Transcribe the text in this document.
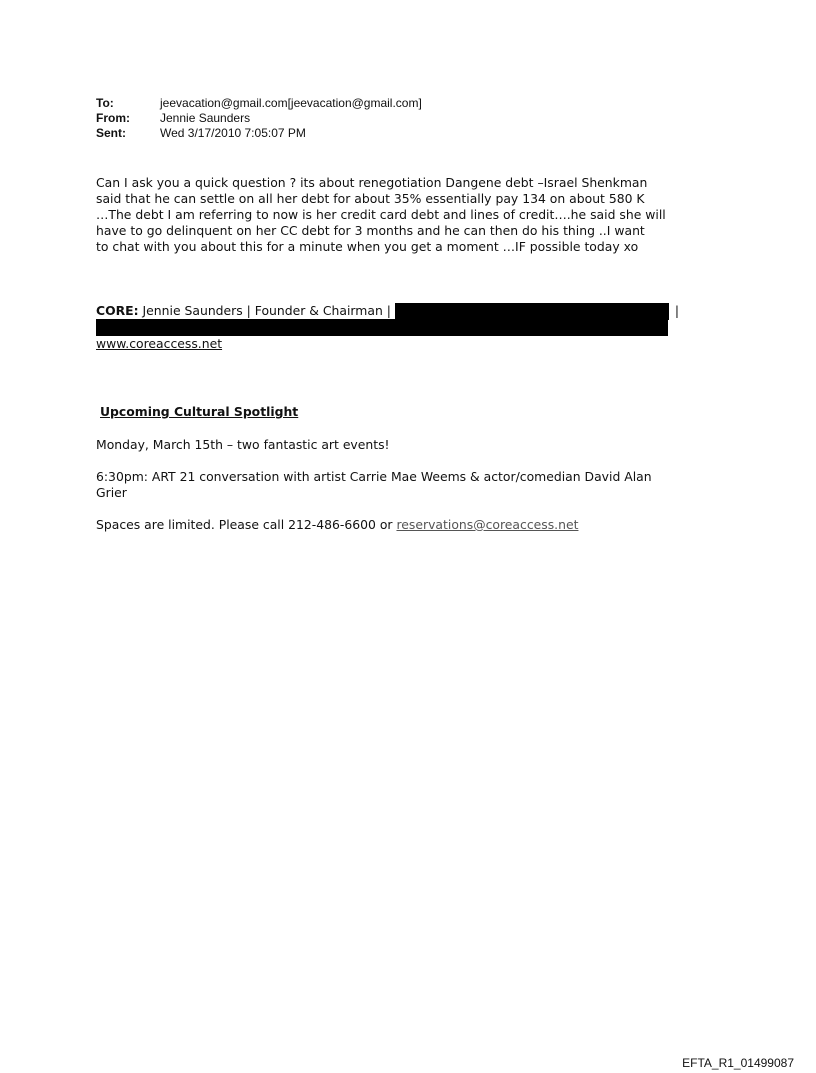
To:	jeevacation@gmail.com[jeevacation@gmail.com]
From:	Jennie Saunders
Sent:	Wed 3/17/2010 7:05:07 PM
Can I ask you a quick question ? its about renegotiation Dangene debt –Israel Shenkman
said that he can settle on all her debt for about 35% essentially pay 134 on about 580 K
…The debt I am referring to now is her credit card debt and lines of credit….he said she will
have to go delinquent on her CC debt for 3 months and he can then do his thing ..I want
to chat with you about this for a minute when you get a moment …IF possible today xo
CORE: Jennie Saunders | Founder & Chairman |	|
www.coreaccess.net
Upcoming Cultural Spotlight
Monday, March 15th – two fantastic art events!
6:30pm: ART 21 conversation with artist Carrie Mae Weems & actor/comedian David Alan
Grier
Spaces are limited. Please call 212-486-6600 or reservations@coreaccess.net
EFTA_R1_01499087
